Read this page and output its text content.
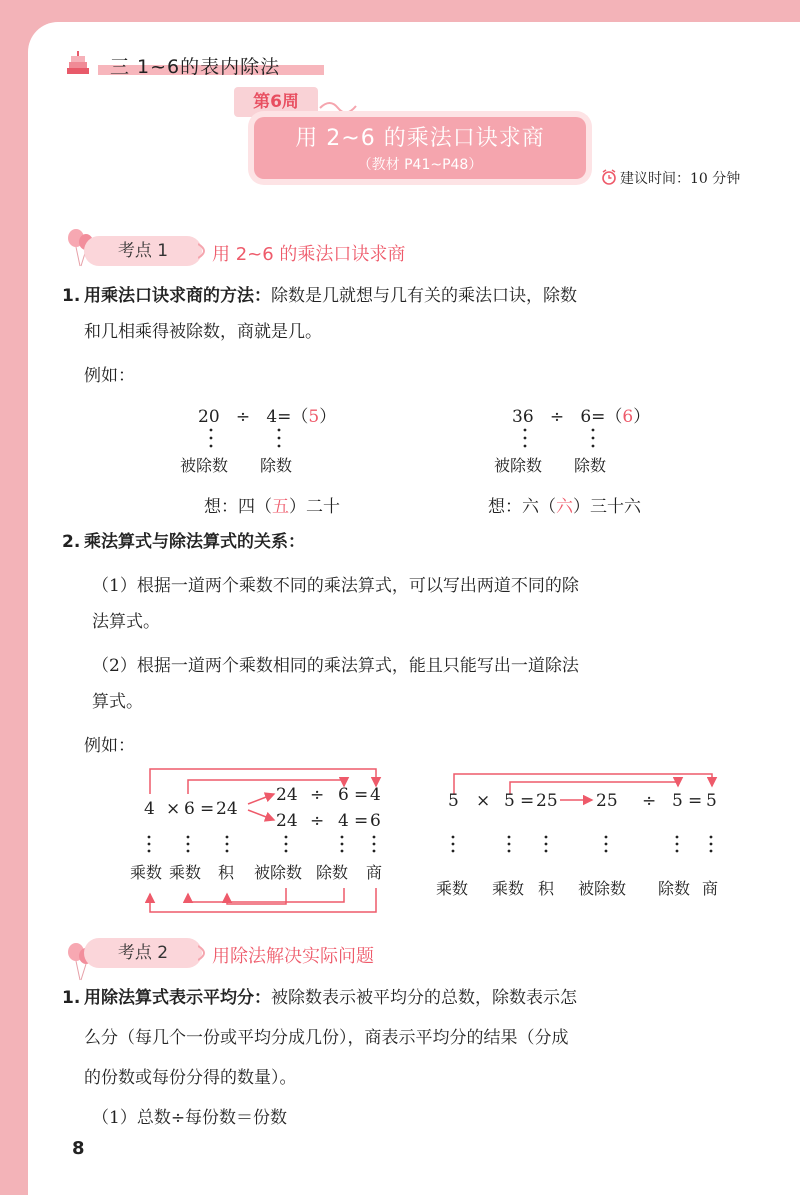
三 1~6的表内除法
第6周
用 2~6 的乘法口诀求商
（教材 P41~P48）
建议时间：10 分钟
考点 1	用 2~6 的乘法口诀求商
1. 用乘法口诀求商的方法：除数是几就想与几有关的乘法口诀，除数
和几相乘得被除数，商就是几。
例如：
20 ÷ 4=（5）
被除数 除数
想：四（五）二十
36 ÷ 6=（6）
被除数 除数
想：六（六）三十六
2. 乘法算式与除法算式的关系：
（1）根据一道两个乘数不同的乘法算式，可以写出两道不同的除
法算式。
（2）根据一道两个乘数相同的乘法算式，能且只能写出一道除法
算式。
例如：
4 × 6 = 24
24 ÷ 6 = 4
24 ÷ 4 = 6
乘数 乘数 积 被除数 除数 商
5 × 5 = 25 25 ÷ 5 = 5
乘数 乘数 积 被除数 除数 商
考点 2	用除法解决实际问题
1. 用除法算式表示平均分：被除数表示被平均分的总数，除数表示怎
么分（每几个一份或平均分成几份），商表示平均分的结果（分成
的份数或每份分得的数量）。
（1）总数÷每份数＝份数
8
